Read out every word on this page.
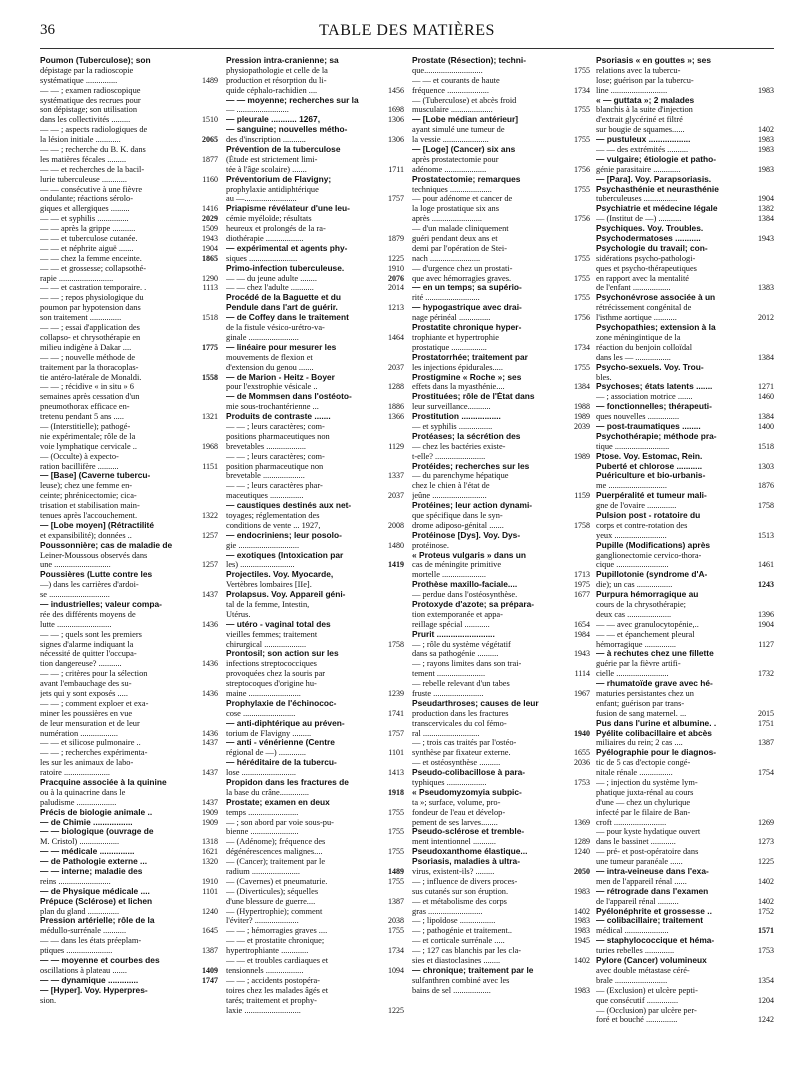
36	TABLE DES MATIÈRES
Poumon (Tuberculose); son
dépistage par la radioscopie
systématique ...............	1489
— — ; examen radioscopique
systématique des recrues pour
son dépistage; son utilisation
dans les collectivités .........	1510
— — ; aspects radiologiques de
la lésion initiale ............	2065
— — ; recherche du B. K. dans
les matières fécales .........	1877
— — et recherches de la bacil-
lurie tuberculeuse ............	1160
— — consécutive à une fièvre
ondulante; réactions sérolo-
giques et allergiques .........	1416
— — et syphilis ...............	2029
— — après la grippe ...........	1509
— — et tuberculose cutanée.	1943
— — et néphrite aiguë .......	1904
— — chez la femme enceinte.	1865
— — et grossesse; collapsothé-
rapie ..........................	1290
— — et castration temporaire. .	1113
— — ; repos physiologique du
poumon par hypotension dans
son traitement ...............	1518
— — ; essai d'application des
collapso- et chrysothérapie en
milieu indigène à Dakar ....	1775
— — ; nouvelle méthode de
traitement par la thoracoplas-
tie antéro-latérale de Monaldi.	1558
— — ; récidive « in situ » 6
semaines après cessation d'un
pneumothorax efficace en-
tretenu pendant 5 ans .....	1321
— (Interstitielle); pathogé-
nie expérimentale; rôle de la
voie lymphatique cervicale ..	1968
— (Occulte) à expecto-
ration bacillifère ..........	1151
— [Base] (Caverne tubercu-
leuse); chez une femme en-
ceinte; phrénicectomie; cica-
trisation et stabilisation main-
tenues après l'accouchement.	1322
— [Lobe moyen] (Rétractilité
et expansibilité); données ..	1257
Poussonnière; cas de maladie de
Leiner-Moussous observés dans
une ...........................	1257
Poussières (Lutte contre les
—) dans les carrières d'ardoi-
se .............................	1437
— industrielles; valeur compa-
rée des différents moyens de
lutte ..........................	1436
— — ; quels sont les premiers
signes d'alarme indiquant la
nécessité de quitter l'occupa-
tion dangereuse? ...........	1436
— — ; critères pour la sélection
avant l'embauchage des su-
jets qui y sont exposés .....	1436
— — ; comment exploer et exa-
miner les poussières en vue
de leur mensuration et de leur
numération ..................	1436
— — et silicose pulmonaire ..	1437
— — ; recherches expérimenta-
les sur les animaux de labo-
ratoire ......................	1437
Pracquine associée à la quinine
ou à la quinacrine dans le
paludisme ...................	1437
Précis de biologie animale ..	1909
— de Chimie .................	1909
— — biologique (ouvrage de
M. Cristol) ...................	1318
— — médicale ...............	1621
— de Pathologie externe ...	1320
— — interne; maladie des
reins .........................	1910
— de Physique médicale ....	1101
Prépuce (Sclérose) et lichen
plan du gland ...............	1240
Pression artérielle; rôle de la
médullo-surrénale ...........	1645
— — dans les états préeplam-
ptiques ......................	1387
— — moyenne et courbes des
oscillations à plateau .......	1409
— — dynamique .............	1747
— [Hyper]. Voy. Hyperpres-
sion.
Pression intra-cranienne; sa
physiopathologie et celle de la
production et résorption du li-
quide céphalo-rachidien ....	1456
— — moyenne; recherches sur la
— .........................	1698
— pleurale ........... 1267,	1306
— sanguine; nouvelles métho-
des d'inscription ...........	1306
Prévention de la tuberculose
(Étude est strictement limi-
tée à l'âge scolaire) .......	1711
Préventorium de Flavigny;
prophylaxie antidiphtérique
au —.........................	1757
Priapisme révélateur d'une leu-
cémie myéloïde; résultats
heureux et prolongés de la ra-
diothérapie ..................	1879
— expérimental et agents phy-
siques .......................	1225
Primo-infection tuberculeuse.	1910
— — du jeune adulte ........	2076
— — chez l'adulte ...........	2014
Procédé de la Baguette et du
Pendule dans l'art de guérir.	1213
— de Coffey dans le traitement
de la fistule vésico-urétro-va-
ginale ........................	1464
— linéaire pour mesurer les
mouvements de flexion et
d'extension du genou .......	2037
— de Marion - Heitz - Boyer
pour l'exstrophie vésicale ..	1288
— de Mommsen dans l'ostéoto-
mie sous-trochantérienne ...	1886
Produits de contraste .......	1366
— — ; leurs caractères; com-
positions pharmaceutiques non
brevetables ...................	1129
— — ; leurs caractères; com-
position pharmaceutique non
brevetable ....................	1337
— — ; leurs caractères phar-
maceutiques ................	2037
— caustiques destinés aux net-
toyages; réglementation des
conditions de vente ... 1927,	2008
— endocriniens; leur posolo-
gie .............................	1480
— exotiques (Intoxication par
les) ..........................	1419
Projectiles. Voy. Myocarde,
Vertèbres lombaires [IIe].
Prolapsus. Voy. Appareil géni-
tal de la femme, Intestin,
Utérus.
— utéro - vaginal total des
vieilles femmes; traitement
chirurgical ....................	1758
Prontosil; son action sur les
infections streptococciques
provoquées chez la souris par
streptocoques d'origine hu-
maine .........................	1239
Prophylaxie de l'échinococ-
cose .........................	1741
— anti-diphtérique au préven-
torium de Flavigny .........	1757
— anti - vénérienne (Centre
régional de —) .............	1101
— héréditaire de la tubercu-
lose ..........................	1413
Propidon dans les fractures de
la base du crâne..............	1918
Prostate; examen en deux
temps ........................	1755
— ; son abord par voie sous-pu-
bienne .......................	1755
— (Adénome); fréquence des
dégénérescences malignes....	1755
— (Cancer); traitement par le
radium .......................	1489
— (Cavernes) et pneumaturie.	1755
— (Diverticules); séquelles
d'une blessure de guerre....	1387
— (Hypertrophie); comment
l'éviter? .....................	2038
— — ; hémorragies graves ....	1755
— — et prostatite chronique;
hypertrophiante .............	1734
— — et troubles cardiaques et
tensionnels ..................	1094
— — ; accidents postopéra-
toires chez les malades âgés et
tarés; traitement et prophy-
laxie ...........................	1225
Prostate (Résection); techni-
que............................	1755
— — et courants de haute
fréquence ....................	1734
— (Tuberculose) et abcès froid
musculaire ....................	1755
— [Lobe médian antérieur]
ayant simulé une tumeur de
la vessie ......................	1755
— [Loge] (Cancer) six ans
après prostatectomie pour
adénome ....................	1756
Prostatectomie; remarques
techniques ....................	1755
— pour adénome et cancer de
la loge prostatique six ans
après ........................	1756
— d'un malade cliniquement
guéri pendant deux ans et
demi par l'opération de Stei-
nach ........................	1755
— d'urgence chez un prostati-
que avec hémorragies graves.	1755
— en un temps; sa supério-
rité ..........................	1755
— hypogastrique avec drai-
nage périnéal ...............	1756
Prostatite chronique hyper-
trophiante et hypertrophie
prostatique .................	1734
Prostatorrhée; traitement par
les injections épidurales.....	1755
Prostigmine « Roche »; ses
effets dans la myasthénie....	1384
Prostituées; rôle de l'État dans
leur surveillance...........	1988
Prostitution .................	1989
— et syphilis ................	2039
Protéases; la sécrétion des
— chez les bactéries existe-
t-elle? ........................	1989
Protéides; recherches sur les
— du parenchyme hépatique
chez le chien à l'état de
jeûne ..........................	1159
Protéines; leur action dynami-
que spécifique dans le syn-
drome adiposo-génital .......	1758
Protéinose [Dys]. Voy. Dys-
protéinose.
« Proteus vulgaris » dans un
cas de méningite primitive
mortelle .....................	1713
Prothèse maxillo-faciale....	1975
— perdue dans l'ostéosynthèse.	1677
Protoxyde d'azote; sa prépara-
tion extemporanée et appa-
reillage spécial ............	1654
Prurit .........................	1984
— ; rôle du système végétatif
dans sa pathogénie ..........	1943
— ; rayons limites dans son trai-
tement .......................	1114
— rebelle relevant d'un tabes
fruste ........................	1967
Pseudarthroses; causes de leur
production dans les fractures
transcervicales du col fémo-
ral ...........................	1940
— ; trois cas traités par l'ostéo-
synthèse par fixateur externe.	1655
— et ostéosynthèse ..........	2036
Pseudo-colibacillose à para-
typhiques ...................	1753
« Pseudomyzomyia subpic-
ta »; surface, volume, pro-
fondeur de l'eau et dévelop-
pement de ses larves........	1369
Pseudo-sclérose et tremble-
ment intentionnel ...........	1289
Pseudoxanthome élastique...	1240
Psoriasis, maladies à ultra-
virus, existent-ils? .........	2050
— ; influence de divers proces-
sus cutanés sur son éruption.	1983
— et métabolisme des corps
gras ..........................	1402
— ; lipoïdose .................	1983
— ; pathogénie et traitement..	1983
— et corticale surrénale .....	1945
— ; 127 cas blanchis par les cla-
sies et diastoclasines ........	1402
— chronique; traitement par le
sulfanthren combiné avec les
bains de sel ..................	1983
Psoriasis « en gouttes »; ses
relations avec la tubercu-
lose; guérison par la tubercu-
line ...........................	1983
« — guttata »; 2 malades
blanchis à la suite d'injection
d'extrait glycériné et filtré
sur bougie de squames......	1402
— pustuleux ..................	1983
— — des extrémités ..........	1983
— vulgaire; étiologie et patho-
génie parasitaire .............	1983
— [Para]. Voy. Parapsoriasis.
Psychasthénie et neurasthénie
tuberculeuses ................	1904
Psychiatrie et médecine légale	1382
— (Institut de —) ...........	1384
Psychiques. Voy. Troubles.
Psychodermatoses ...........	1943
Psychologie du travail; con-
sidérations psycho-pathologi-
ques et psycho-thérapeutiques
en rapport avec la mentalité
de l'enfant ..................	1383
Psychonévrose associée à un
rétrécissement congénital de
l'isthme aortique ...........	2012
Psychopathies; extension à la
zone méningintique de la
réaction du benjoin colloïdal
dans les — .................	1384
Psycho-sexuels. Voy. Trou-
bles.
Psychoses; états latents .......	1271
— ; association motrice .......	1460
— fonctionnelles; thérapeuti-
ques nouvelles ...............	1384
— post-traumatiques ........	1400
Psychothérapie; méthode pra-
tique ..........................	1518
Ptose. Voy. Estomac, Rein.
Puberté et chlorose ...........	1303
Puériculture et bio-urbanis-
me ............................	1876
Puerpéralité et tumeur mali-
gne de l'ovaire ..............	1758
Pulsion post - rotatoire du
corps et contre-rotation des
yeux .........................	1513
Pupille (Modifications) après
ganglionectomie cervico-thora-
cique .........................	1461
Pupillotonie (syndrome d'A-
die); un cas .................	1243
Purpura hémorragique au
cours de la chrysothérapie;
deux cas .....................	1396
— — avec granulocytopénie,..	1904
— — et épanchement pleural
hémorragique ...............	1127
— à rechutes chez une fillette
guérie par la fièvre artifi-
cielle .........................	1732
— rhumatoïde grave avec hé-
maturies persistantes chez un
enfant; guérison par trans-
fusion de sang maternel. ...	2015
Pus dans l'urine et albumine. .	1751
Pyélite colibacillaire et abcès
miliaires du rein; 2 cas ....	1387
Pyélographie pour le diagnos-
tic de 5 cas d'ectopie congé-
nitale rénale ................	1754
— ; injection du système lym-
phatique juxta-rénal au cours
d'une — chez un chylurique
infecté par le filaire de Ban-
croft .........................	1269
— pour kyste hydatique ouvert
dans le bassinet ............	1273
— pré- et post-opératoire dans
une tumeur paranéale ......	1225
— intra-veineuse dans l'exa-
men de l'appareil rénal ......	1402
— rétrograde dans l'examen
de l'appareil rénal ..........	1402
Pyélonéphrite et grossesse ..	1752
— colibacillaire; traitement
médical .....................	1571
— staphylococcique et héma-
turies rebelles ..............	1753
Pylore (Cancer) volumineux
avec double métastase céré-
brale .........................	1354
— (Exclusion) et ulcère pepti-
que consécutif ...............	1204
— (Occlusion) par ulcère per-
foré et bouché ...............	1242
